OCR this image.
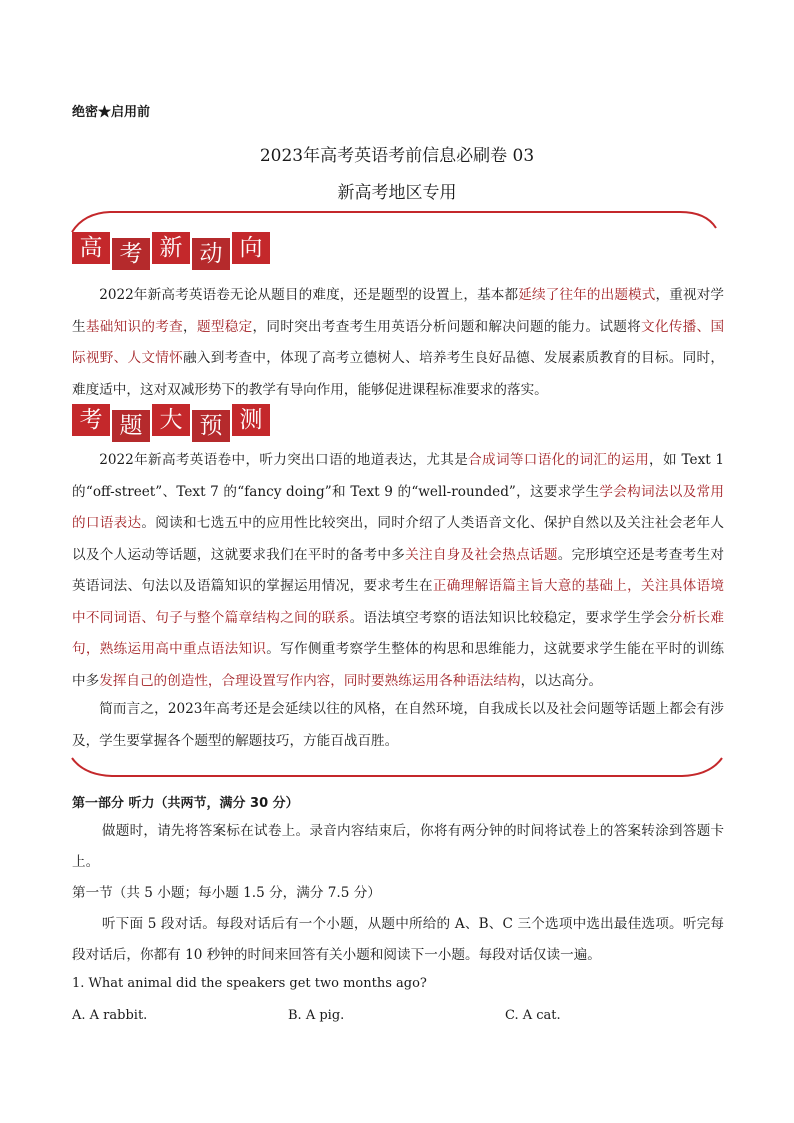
绝密★启用前
2023年高考英语考前信息必刷卷 03
新高考地区专用
高 考 新 动 向

2022年新高考英语卷无论从题目的难度，还是题型的设置上，基本都延续了往年的出题模式，重视对学生基础知识的考查，题型稳定，同时突出考查考生用英语分析问题和解决问题的能力。试题将文化传播、国际视野、人文情怀融入到考查中，体现了高考立德树人、培养考生良好品德、发展素质教育的目标。同时，难度适中，这对双减形势下的教学有导向作用，能够促进课程标准要求的落实。

考 题 大 预 测

2022年新高考英语卷中，听力突出口语的地道表达，尤其是合成词等口语化的词汇的运用，如 Text 1 的“off-street”、Text 7 的“fancy doing”和 Text 9 的“well-rounded”，这要求学生学会构词法以及常用的口语表达。阅读和七选五中的应用性比较突出，同时介绍了人类语音文化、保护自然以及关注社会老年人以及个人运动等话题，这就要求我们在平时的备考中多关注自身及社会热点话题。完形填空还是考查考生对英语词法、句法以及语篇知识的掌握运用情况，要求考生在正确理解语篇主旨大意的基础上，关注具体语境中不同词语、句子与整个篇章结构之间的联系。语法填空考察的语法知识比较稳定，要求学生学会分析长难句，熟练运用高中重点语法知识。写作侧重考察学生整体的构思和思维能力，这就要求学生能在平时的训练中多发挥自己的创造性，合理设置写作内容，同时要熟练运用各种语法结构，以达高分。

简而言之，2023年高考还是会延续以往的风格，在自然环境，自我成长以及社会问题等话题上都会有涉及，学生要掌握各个题型的解题技巧，方能百战百胜。

第一部分 听力（共两节，满分 30 分）

做题时，请先将答案标在试卷上。录音内容结束后，你将有两分钟的时间将试卷上的答案转涂到答题卡上。

第一节（共 5 小题；每小题 1.5 分，满分 7.5 分）

听下面 5 段对话。每段对话后有一个小题，从题中所给的 A、B、C 三个选项中选出最佳选项。听完每段对话后，你都有 10 秒钟的时间来回答有关小题和阅读下一小题。每段对话仅读一遍。

1. What animal did the speakers get two months ago?
A. A rabbit.	B. A pig.	C. A cat.
